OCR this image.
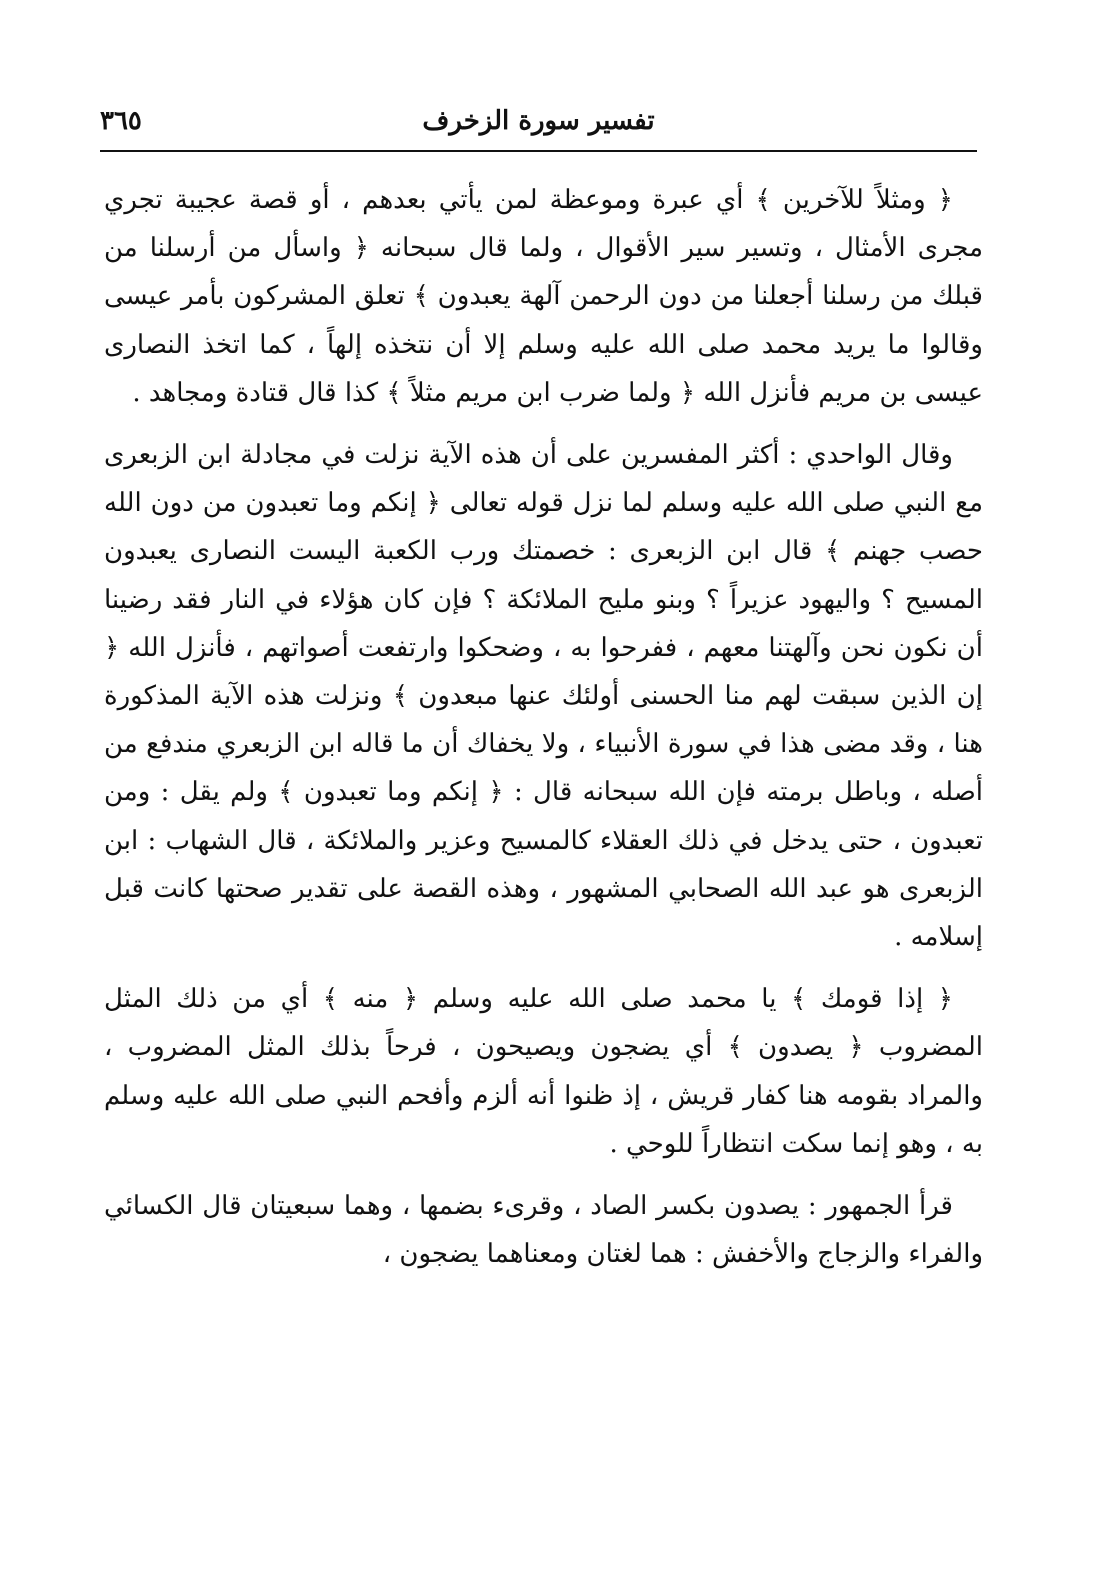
تفسير سورة الزخرف
٣٦٥

﴿ ومثلاً للآخرين ﴾ أي عبرة وموعظة لمن يأتي بعدهم ، أو قصة عجيبة تجري مجرى الأمثال ، وتسير سير الأقوال ، ولما قال سبحانه ﴿ واسأل من أرسلنا من قبلك من رسلنا أجعلنا من دون الرحمن آلهة يعبدون ﴾ تعلق المشركون بأمر عيسى وقالوا ما يريد محمد صلى الله عليه وسلم إلا أن نتخذه إلهاً ، كما اتخذ النصارى عيسى بن مريم فأنزل الله ﴿ ولما ضرب ابن مريم مثلاً ﴾ كذا قال قتادة ومجاهد .

وقال الواحدي : أكثر المفسرين على أن هذه الآية نزلت في مجادلة ابن الزبعرى مع النبي صلى الله عليه وسلم لما نزل قوله تعالى ﴿ إنكم وما تعبدون من دون الله حصب جهنم ﴾ قال ابن الزبعرى : خصمتك ورب الكعبة اليست النصارى يعبدون المسيح ؟ واليهود عزيراً ؟ وبنو مليح الملائكة ؟ فإن كان هؤلاء في النار فقد رضينا أن نكون نحن وآلهتنا معهم ، ففرحوا به ، وضحكوا وارتفعت أصواتهم ، فأنزل الله ﴿ إن الذين سبقت لهم منا الحسنى أولئك عنها مبعدون ﴾ ونزلت هذه الآية المذكورة هنا ، وقد مضى هذا في سورة الأنبياء ، ولا يخفاك أن ما قاله ابن الزبعري مندفع من أصله ، وباطل برمته فإن الله سبحانه قال : ﴿ إنكم وما تعبدون ﴾ ولم يقل : ومن تعبدون ، حتى يدخل في ذلك العقلاء كالمسيح وعزير والملائكة ، قال الشهاب : ابن الزبعرى هو عبد الله الصحابي المشهور ، وهذه القصة على تقدير صحتها كانت قبل إسلامه .

﴿ إذا قومك ﴾ يا محمد صلى الله عليه وسلم ﴿ منه ﴾ أي من ذلك المثل المضروب ﴿ يصدون ﴾ أي يضجون ويصيحون ، فرحاً بذلك المثل المضروب ، والمراد بقومه هنا كفار قريش ، إذ ظنوا أنه ألزم وأفحم النبي صلى الله عليه وسلم به ، وهو إنما سكت انتظاراً للوحي .

قرأ الجمهور : يصدون بكسر الصاد ، وقرىء بضمها ، وهما سبعيتان قال الكسائي والفراء والزجاج والأخفش : هما لغتان ومعناهما يضجون ،
